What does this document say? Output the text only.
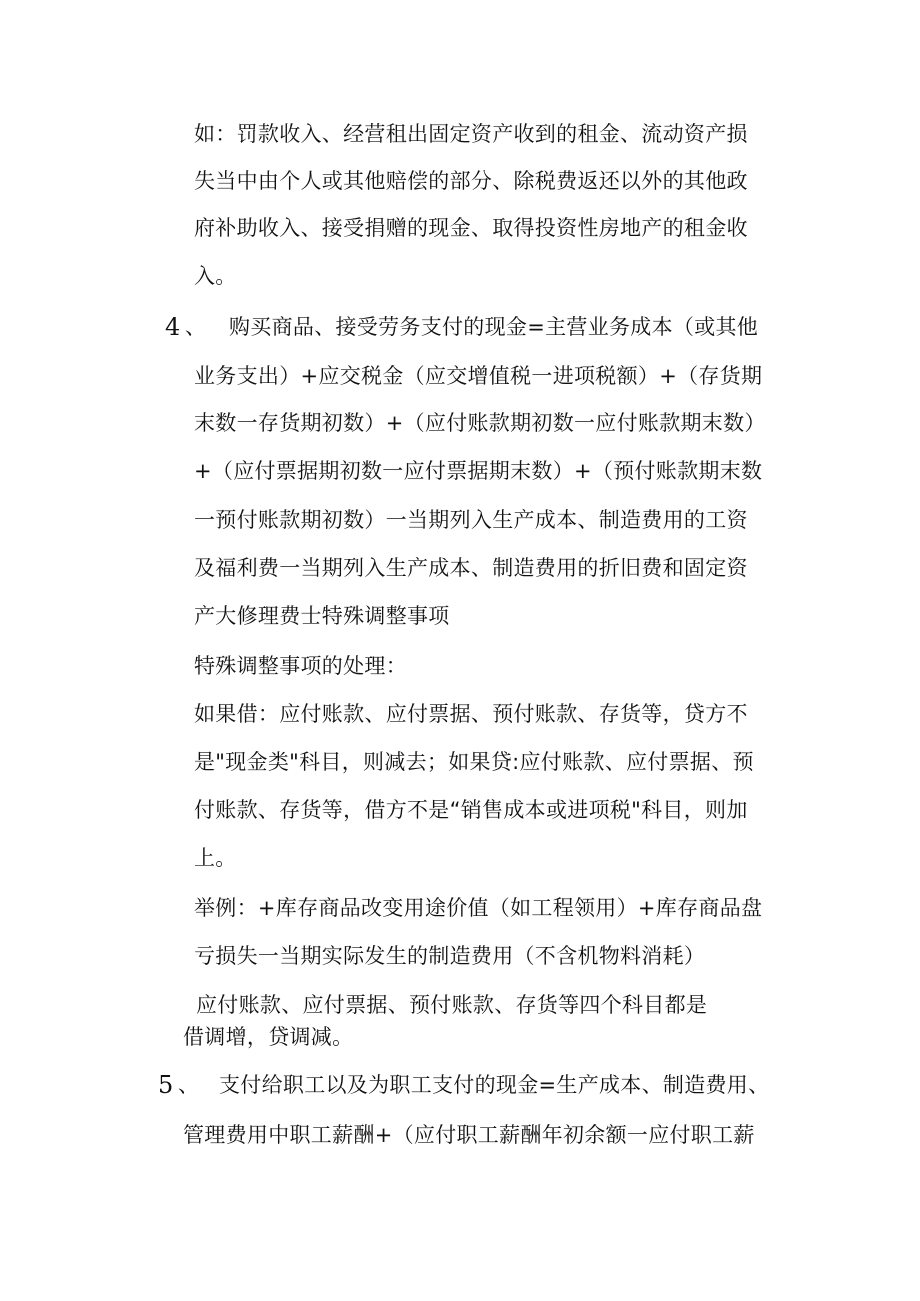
如：罚款收入、经营租出固定资产收到的租金、流动资产损
失当中由个人或其他赔偿的部分、除税费返还以外的其他政
府补助收入、接受捐赠的现金、取得投资性房地产的租金收
入。
4 、 购买商品、接受劳务支付的现金=主营业务成本（或其他
业务支出）+应交税金（应交增值税一进项税额）+（存货期
末数一存货期初数）+（应付账款期初数一应付账款期末数）
+（应付票据期初数一应付票据期末数）+（预付账款期末数
一预付账款期初数）一当期列入生产成本、制造费用的工资
及福利费一当期列入生产成本、制造费用的折旧费和固定资
产大修理费士特殊调整事项
特殊调整事项的处理：
如果借：应付账款、应付票据、预付账款、存货等，贷方不
是"现金类"科目，则减去；如果贷:应付账款、应付票据、预
付账款、存货等，借方不是“销售成本或进项税"科目，则加
上。
举例：+库存商品改变用途价值（如工程领用）+库存商品盘
亏损失一当期实际发生的制造费用（不含机物料消耗）
应付账款、应付票据、预付账款、存货等四个科目都是
借调增，贷调减。
5 、 支付给职工以及为职工支付的现金=生产成本、制造费用、
管理费用中职工薪酬+（应付职工薪酬年初余额一应付职工薪
